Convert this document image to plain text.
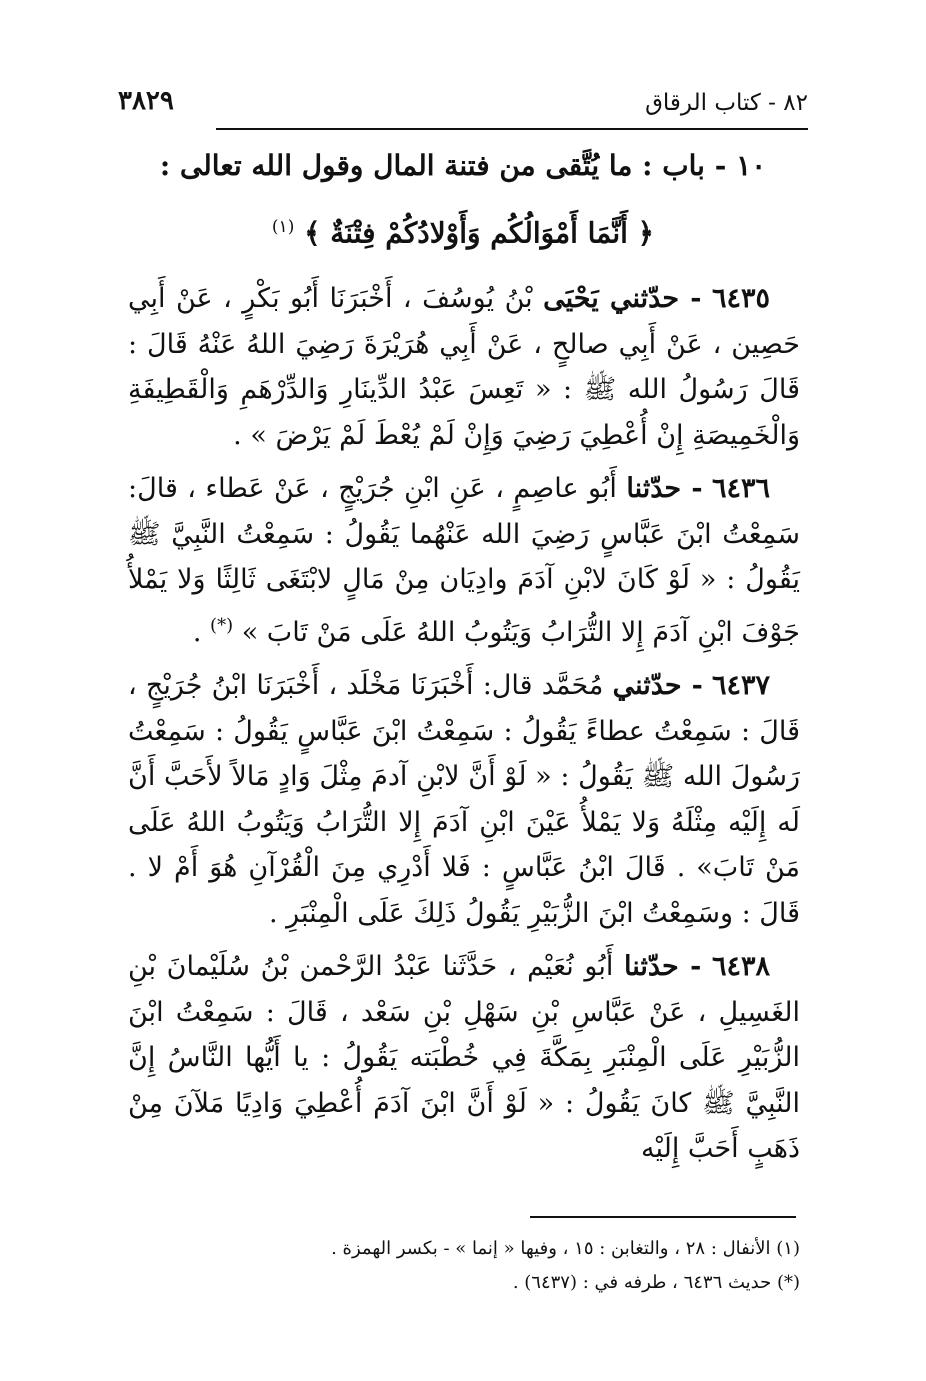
٨٢ - كتاب الرقاق
٣٨٢٩
١٠ - باب : ما يُتَّقى من فتنة المال وقول الله تعالى :
﴿ أَنَّمَا أَمْوَالُكُم وَأَوْلادُكُمْ فِتْنَةٌ ﴾ $^{(١)}$

٦٤٣٥ - حدّثني يَحْيَى بْنُ يُوسُفَ ، أَخْبَرَنَا أَبُو بَكْرٍ ، عَنْ أَبِي حَصِين ، عَنْ أَبِي صالحٍ ، عَنْ أَبِي هُرَيْرَةَ رَضِيَ اللهُ عَنْهُ قَالَ : قَالَ رَسُولُ الله ﷺ : « تَعِسَ عَبْدُ الدِّينَارِ وَالدِّرْهَمِ وَالْقَطِيفَةِ وَالْخَمِيصَةِ إِنْ أُعْطِيَ رَضِيَ وَإِنْ لَمْ يُعْطَ لَمْ يَرْضَ » .

٦٤٣٦ - حدّثنا أَبُو عاصِمٍ ، عَنِ ابْنِ جُرَيْجٍ ، عَنْ عَطاء ، قالَ: سَمِعْتُ ابْنَ عَبَّاسٍ رَضِيَ الله عَنْهُما يَقُولُ : سَمِعْتُ النَّبِيَّ ﷺ يَقُولُ : « لَوْ كَانَ لابْنِ آدَمَ وادِيَان مِنْ مَالٍ لابْتَغَى ثَالِثًا وَلا يَمْلأُ جَوْفَ ابْنِ آدَمَ إِلا التُّرَابُ وَيَتُوبُ اللهُ عَلَى مَنْ تَابَ » (*) .

٦٤٣٧ - حدّثني مُحَمَّد قال: أَخْبَرَنَا مَخْلَد ، أَخْبَرَنَا ابْنُ جُرَيْجٍ ، قَالَ : سَمِعْتُ عطاءً يَقُولُ : سَمِعْتُ ابْنَ عَبَّاسٍ يَقُولُ : سَمِعْتُ رَسُولَ الله ﷺ يَقُولُ : « لَوْ أَنَّ لابْنِ آدمَ مِثْلَ وَادٍ مَالاً لأَحَبَّ أَنَّ لَه إِلَيْه مِثْلَهُ وَلا يَمْلأُ عَيْنَ ابْنِ آدَمَ إِلا التُّرَابُ وَيَتُوبُ اللهُ عَلَى مَنْ تَابَ» . قَالَ ابْنُ عَبَّاسٍ : فَلا أَدْرِي مِنَ الْقُرْآنِ هُوَ أَمْ لا . قَالَ : وسَمِعْتُ ابْنَ الزُّبَيْرِ يَقُولُ ذَلِكَ عَلَى الْمِنْبَرِ .

٦٤٣٨ - حدّثنا أَبُو نُعَيْم ، حَدَّثَنا عَبْدُ الرَّحْمن بْنُ سُلَيْمانَ بْنِ الغَسِيلِ ، عَنْ عَبَّاسِ بْنِ سَهْلِ بْنِ سَعْد ، قَالَ : سَمِعْتُ ابْنَ الزُّبَيْرِ عَلَى الْمِنْبَرِ بِمَكَّةَ فِي خُطْبَته يَقُولُ : يا أَيُّها النَّاسُ إِنَّ النَّبِيَّ ﷺ كانَ يَقُولُ : « لَوْ أَنَّ ابْنَ آدَمَ أُعْطِيَ وَادِيًا مَلآنَ مِنْ ذَهَبٍ أَحَبَّ إِلَيْه

(١) الأنفال : ٢٨ ، والتغابن : ١٥ ، وفيها « إنما » - بكسر الهمزة .

(*) حديث ٦٤٣٦ ، طرفه في : (٦٤٣٧) .
